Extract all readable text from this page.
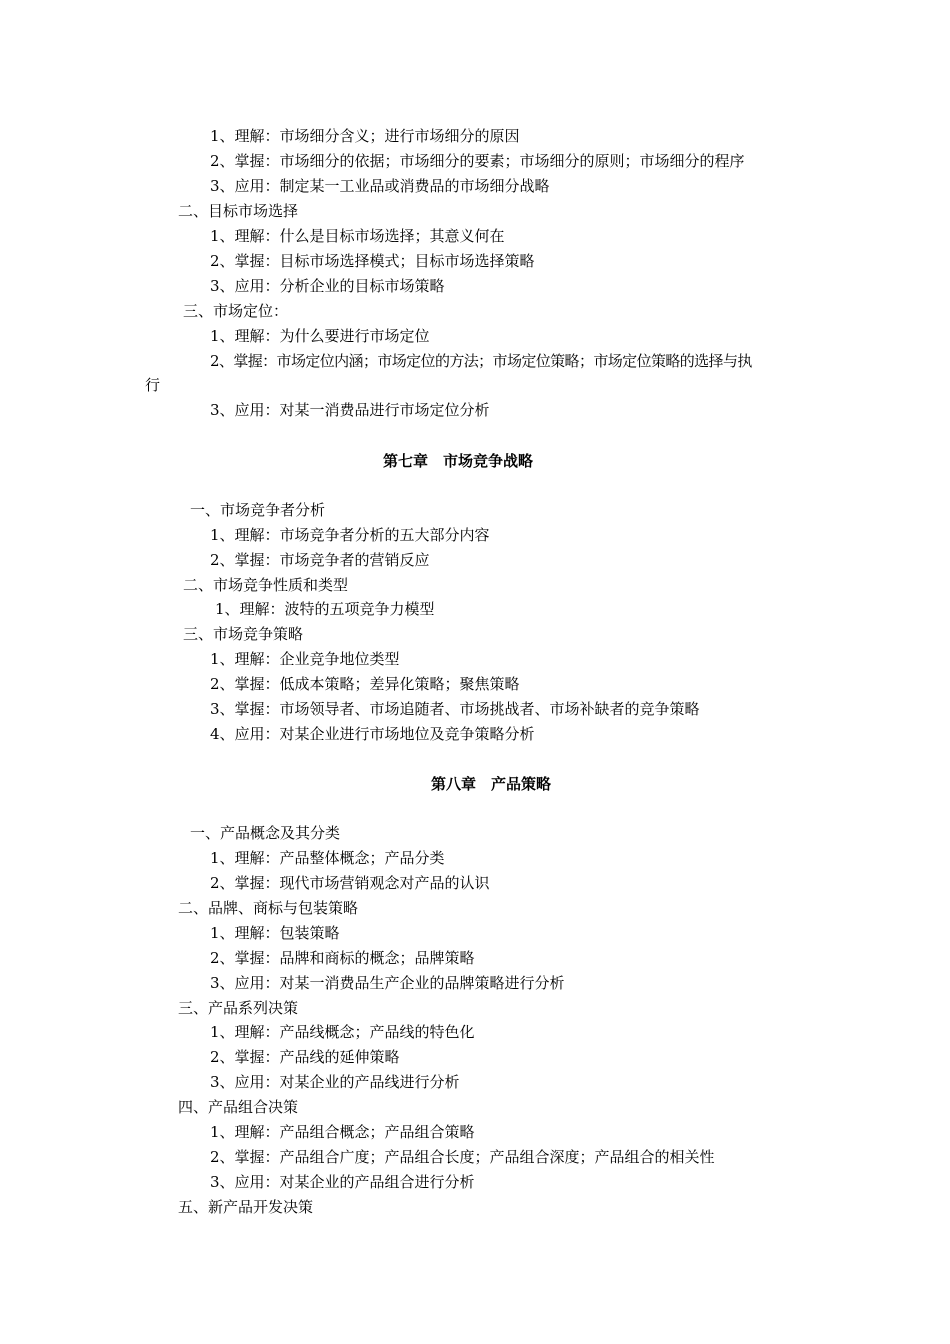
1、理解：市场细分含义；进行市场细分的原因
2、掌握：市场细分的依据；市场细分的要素；市场细分的原则；市场细分的程序
3、应用：制定某一工业品或消费品的市场细分战略
二、目标市场选择
1、理解：什么是目标市场选择；其意义何在
2、掌握：目标市场选择模式；目标市场选择策略
3、应用：分析企业的目标市场策略
三、市场定位：
1、理解：为什么要进行市场定位
2、掌握：市场定位内涵；市场定位的方法；市场定位策略；市场定位策略的选择与执
行
3、应用：对某一消费品进行市场定位分析
第七章　市场竞争战略
一、市场竞争者分析
1、理解：市场竞争者分析的五大部分内容
2、掌握：市场竞争者的营销反应
二、市场竞争性质和类型
1、理解：波特的五项竞争力模型
三、市场竞争策略
1、理解：企业竞争地位类型
2、掌握：低成本策略；差异化策略；聚焦策略
3、掌握：市场领导者、市场追随者、市场挑战者、市场补缺者的竞争策略
4、应用：对某企业进行市场地位及竞争策略分析
第八章　产品策略
一、产品概念及其分类
1、理解：产品整体概念；产品分类
2、掌握：现代市场营销观念对产品的认识
二、品牌、商标与包装策略
1、理解：包装策略
2、掌握：品牌和商标的概念；品牌策略
3、应用：对某一消费品生产企业的品牌策略进行分析
三、产品系列决策
1、理解：产品线概念；产品线的特色化
2、掌握：产品线的延伸策略
3、应用：对某企业的产品线进行分析
四、产品组合决策
1、理解：产品组合概念；产品组合策略
2、掌握：产品组合广度；产品组合长度；产品组合深度；产品组合的相关性
3、应用：对某企业的产品组合进行分析
五、新产品开发决策
